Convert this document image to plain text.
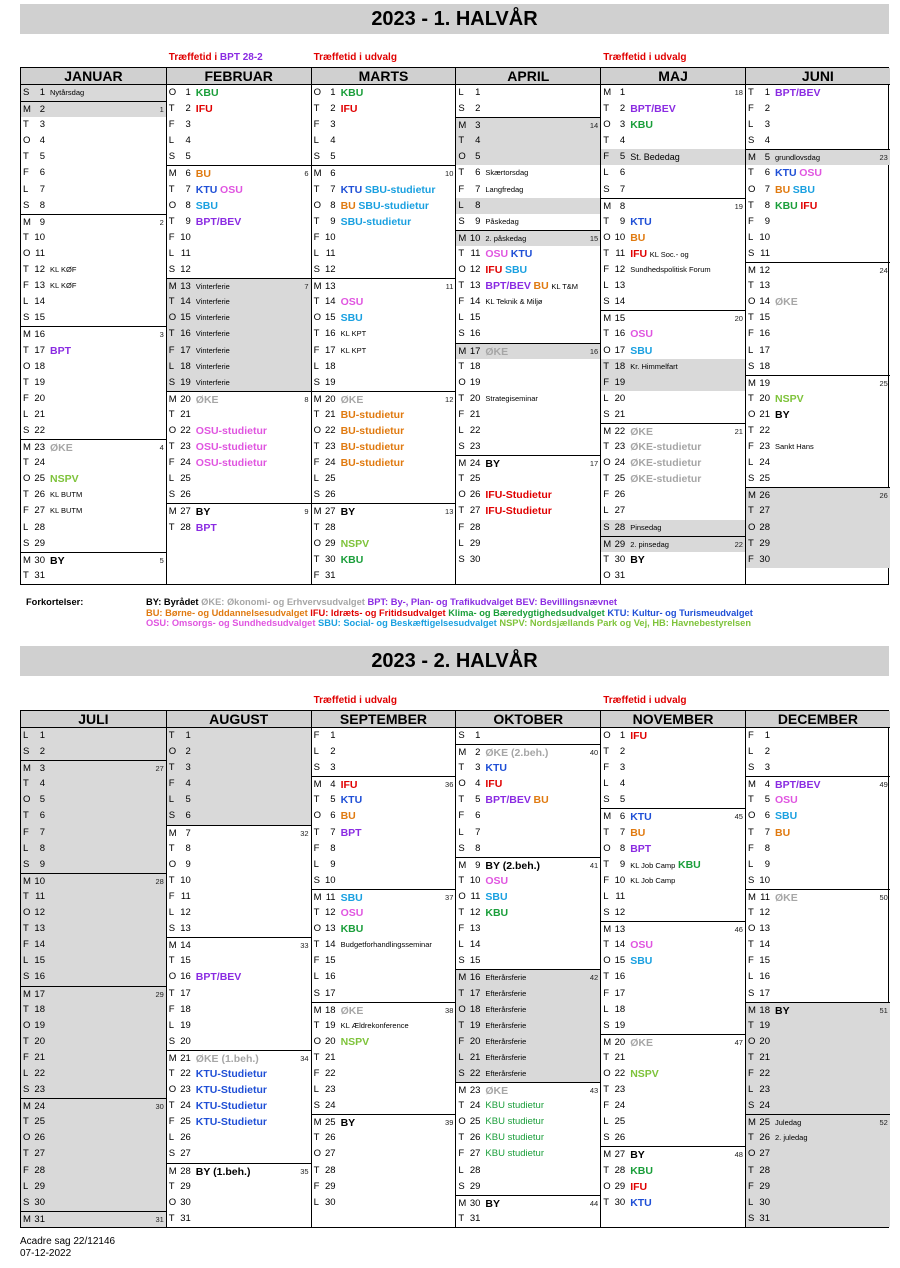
2023 - 1. HALVÅR
Træffetid i BPT 28-2	Træffetid i udvalg	Træffetid i udvalg
JANUAR
S	1 Nytårsdag
M 2	1
T	3
O 4
T	5
F	6
L	7
S	8
M 9	2
T 10
O 11
T 12 KL KØF
F 13 KL KØF
L 14
S 15
M 16	3
T 17 BPT
O 18
T 19
F 20
L 21
S 22
M 23 ØKE	4
T 24
O 25 NSPV
T 26 KL BUTM
F 27 KL BUTM
L 28
S 29
M 30 BY	5
T 31
FEBRUAR
O 1 KBU
T	2 IFU
F	3
L	4
S	5
M 6 BU	6
T	7 KTU OSU
O 8 SBU
T	9 BPT/BEV
F 10
L 11
S 12
M 13 Vinterferie	7
T 14 Vinterferie
O 15 Vinterferie
T 16 Vinterferie
F 17 Vinterferie
L 18 Vinterferie
S 19 Vinterferie
M 20 ØKE	8
T 21
O 22 OSU-studietur
T 23 OSU-studietur
F 24 OSU-studietur
L 25
S 26
M 27 BY	9
T 28 BPT
MARTS
O 1 KBU
T	2 IFU
F	3
L	4
S	5
M 6	10
T	7 KTU SBU-studietur
O 8 BU SBU-studietur
T	9 SBU-studietur
F 10
L 11
S 12
M 13	11
T 14 OSU
O 15 SBU
T 16 KL KPT
F 17 KL KPT
L 18
S 19
M 20 ØKE	12
T 21 BU-studietur
O 22 BU-studietur
T 23 BU-studietur
F 24 BU-studietur
L 25
S 26
M 27 BY	13
T 28
O 29 NSPV
T 30 KBU
F 31
APRIL
L	1
S	2
M 3	14
T	4
O 5
T	6 Skærtorsdag
F	7 Langfredag
L	8
S	9 Påskedag
M 10 2. påskedag	15
T 11 OSU KTU
O 12 IFU SBU
T 13 BPT/BEV BU KL T&M
F 14 KL Teknik & Miljø
L 15
S 16
M 17 ØKE	16
T 18
O 19
T 20 Strategiseminar
F 21
L 22
S 23
M 24 BY	17
T 25
O 26 IFU-Studietur
T 27 IFU-Studietur
F 28
L 29
S 30
MAJ
M 1	18
T	2 BPT/BEV
O 3 KBU
T	4
F	5 St. Bededag
L	6
S	7
M 8	19
T	9 KTU
O 10 BU
T 11 IFU KL Soc.- og
F 12 Sundhedspolitisk Forum
L 13
S 14
M 15	20
T 16 OSU
O 17 SBU
T 18 Kr. Himmelfart
F 19
L 20
S 21
M 22 ØKE	21
T 23 ØKE-studietur
O 24 ØKE-studietur
T 25 ØKE-studietur
F 26
L 27
S 28 Pinsedag
M 29 2. pinsedag	22
T 30 BY
O 31
JUNI
T	1 BPT/BEV
F	2
L	3
S	4
M 5 grundlovsdag	23
T	6 KTU OSU
O 7 BU SBU
T	8 KBU IFU
F	9
L 10
S 11
M 12	24
T 13
O 14 ØKE
T 15
F 16
L 17
S 18
M 19	25
T 20 NSPV
O 21 BY
T 22
F 23 Sankt Hans
L 24
S 25
M 26	26
T 27
O 28
T 29
F 30
Forkortelser:	BY: Byrådet ØKE: Økonomi- og Erhvervsudvalget BPT: By-, Plan- og Trafikudvalget BEV: Bevillingsnævnet
BU: Børne- og Uddannelsesudvalget IFU: Idræts- og Fritidsudvalget Klima- og Bæredygtighedsudvalget KTU: Kultur- og Turismeudvalget
OSU: Omsorgs- og Sundhedsudvalget SBU: Social- og Beskæftigelsesudvalget NSPV: Nordsjællands Park og Vej, HB: Havnebestyrelsen
2023 - 2. HALVÅR
Træffetid i udvalg	Træffetid i udvalg
JULI
L	1
S	2
M 3	27
T	4
O 5
T	6
F	7
L	8
S	9
M 10	28
T 11
O 12
T 13
F 14
L 15
S 16
M 17	29
T 18
O 19
T 20
F 21
L 22
S 23
M 24	30
T 25
O 26
T 27
F 28
L 29
S 30
M 31	31
AUGUST
T	1
O 2
T	3
F	4
L	5
S	6
M 7	32
T	8
O 9
T 10
F 11
L 12
S 13
M 14	33
T 15
O 16 BPT/BEV
T 17
F 18
L 19
S 20
M 21 ØKE (1.beh.)	34
T 22 KTU-Studietur
O 23 KTU-Studietur
T 24 KTU-Studietur
F 25 KTU-Studietur
L 26
S 27
M 28 BY (1.beh.)	35
T 29
O 30
T 31
SEPTEMBER
F	1
L	2
S	3
M 4 IFU	36
T	5 KTU
O 6 BU
T	7 BPT
F	8
L	9
S 10
M 11 SBU	37
T 12 OSU
O 13 KBU
T 14 Budgetforhandlingsseminar
F 15
L 16
S 17
M 18 ØKE	38
T 19 KL Ældrekonference
O 20 NSPV
T 21
F 22
L 23
S 24
M 25 BY	39
T 26
O 27
T 28
F 29
L 30
OKTOBER
S	1
M 2 ØKE (2.beh.)	40
T	3 KTU
O 4 IFU
T	5 BPT/BEV BU
F	6
L	7
S	8
M 9 BY (2.beh.)	41
T 10 OSU
O 11 SBU
T 12 KBU
F 13
L 14
S 15
M 16 Efterårsferie	42
T 17 Efterårsferie
O 18 Efterårsferie
T 19 Efterårsferie
F 20 Efterårsferie
L 21 Efterårsferie
S 22 Efterårsferie
M 23 ØKE	43
T 24 KBU studietur
O 25 KBU studietur
T 26 KBU studietur
F 27 KBU studietur
L 28
S 29
M 30 BY	44
T 31
NOVEMBER
O 1 IFU
T	2
F	3
L	4
S	5
M 6 KTU	45
T	7 BU
O 8 BPT
T	9 KL Job Camp KBU
F 10 KL Job Camp
L 11
S 12
M 13	46
T 14 OSU
O 15 SBU
T 16
F 17
L 18
S 19
M 20 ØKE	47
T 21
O 22 NSPV
T 23
F 24
L 25
S 26
M 27 BY	48
T 28 KBU
O 29 IFU
T 30 KTU
DECEMBER
F	1
L	2
S	3
M 4 BPT/BEV	49
T	5 OSU
O 6 SBU
T	7 BU
F	8
L	9
S 10
M 11 ØKE	50
T 12
O 13
T 14
F 15
L 16
S 17
M 18 BY	51
T 19
O 20
T 21
F 22
L 23
S 24
M 25 Juledag	52
T 26 2. juledag
O 27
T 28
F 29
L 30
S 31
Acadre sag 22/12146
07-12-2022
